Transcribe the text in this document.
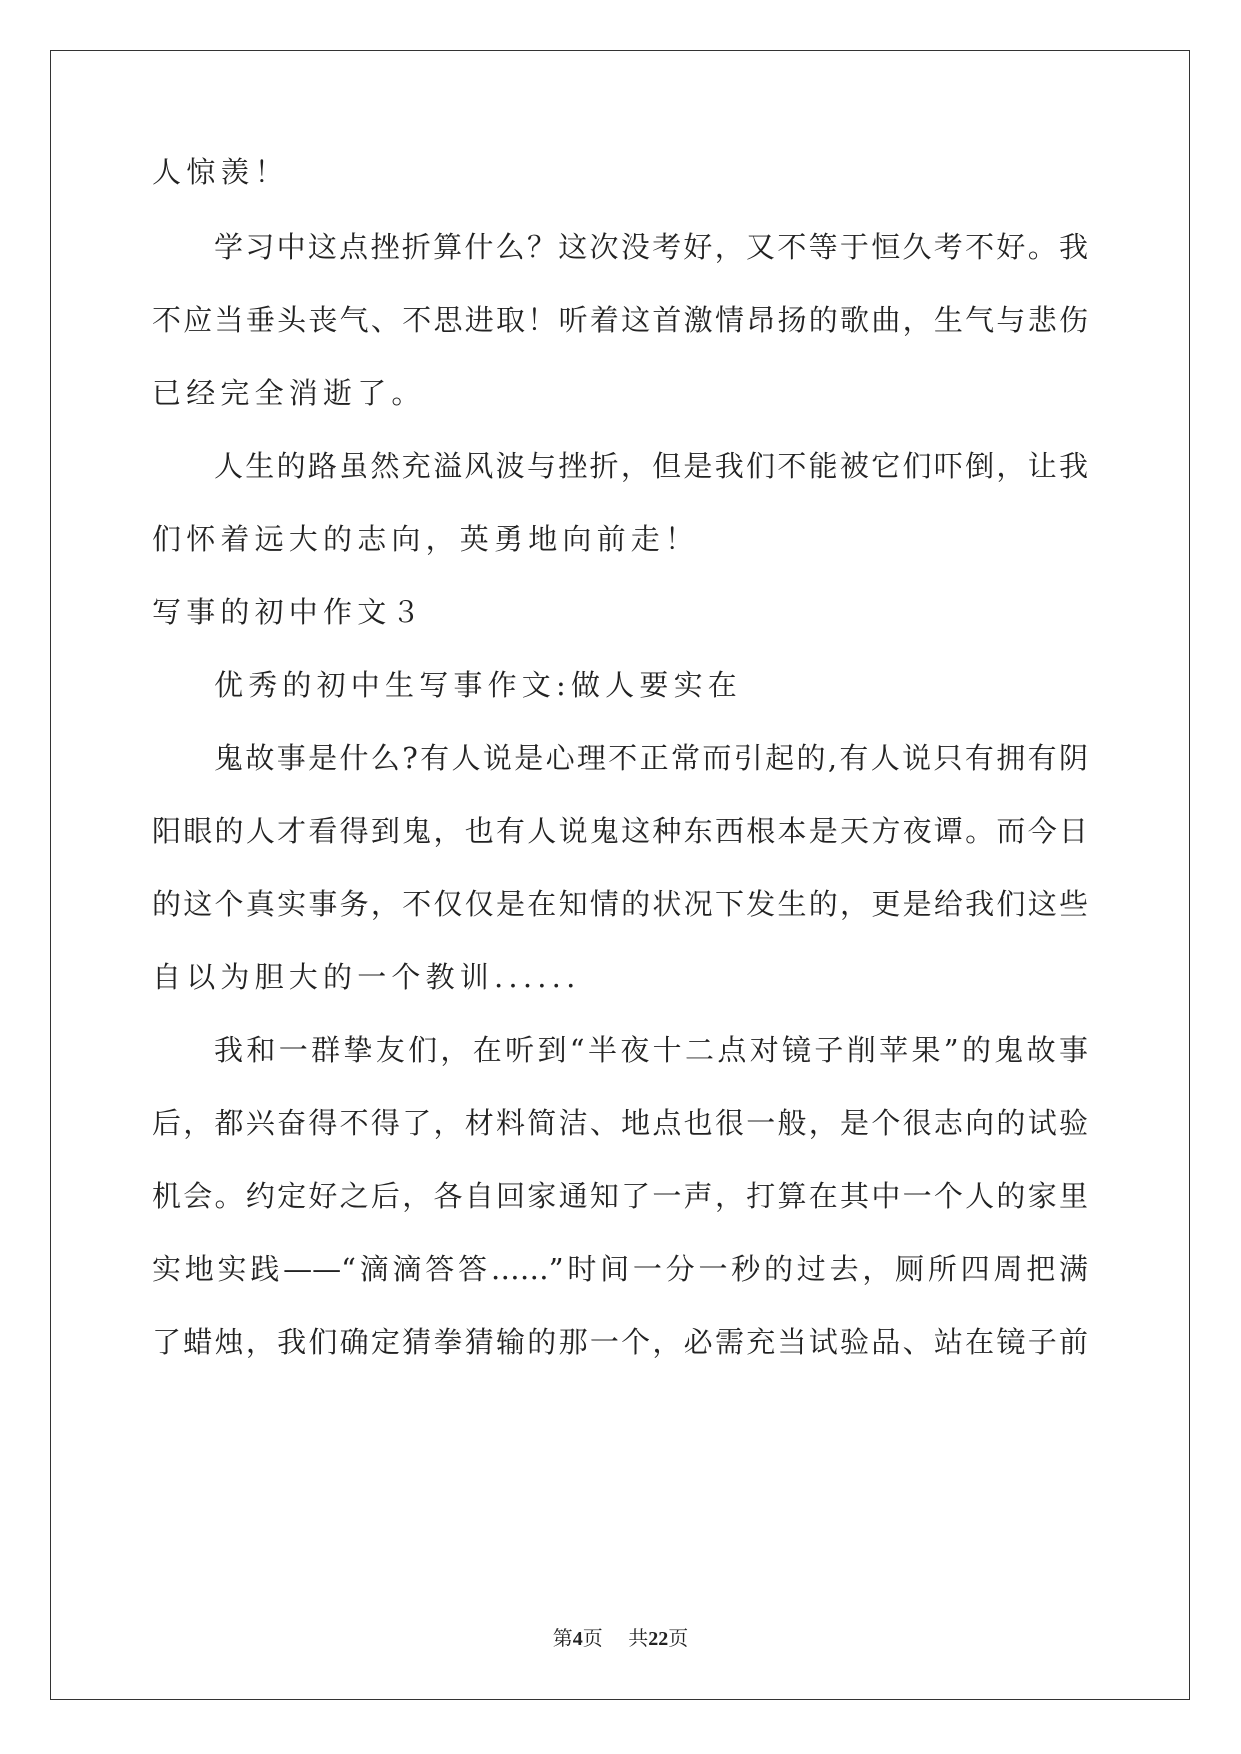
人惊羡！
学习中这点挫折算什么？这次没考好，又不等于恒久考不好。我
不应当垂头丧气、不思进取！听着这首激情昂扬的歌曲，生气与悲伤
已经完全消逝了。
人生的路虽然充溢风波与挫折，但是我们不能被它们吓倒，让我
们怀着远大的志向，英勇地向前走！
写事的初中作文３
优秀的初中生写事作文:做人要实在
鬼故事是什么?有人说是心理不正常而引起的,有人说只有拥有阴
阳眼的人才看得到鬼，也有人说鬼这种东西根本是天方夜谭。而今日
的这个真实事务，不仅仅是在知情的状况下发生的，更是给我们这些
自以为胆大的一个教训......
我和一群挚友们，在听到“半夜十二点对镜子削苹果”的鬼故事
后，都兴奋得不得了，材料简洁、地点也很一般，是个很志向的试验
机会。约定好之后，各自回家通知了一声，打算在其中一个人的家里
实地实践——“滴滴答答……”时间一分一秒的过去，厕所四周把满
了蜡烛，我们确定猜拳猜输的那一个，必需充当试验品、站在镜子前
第4页 共22页
